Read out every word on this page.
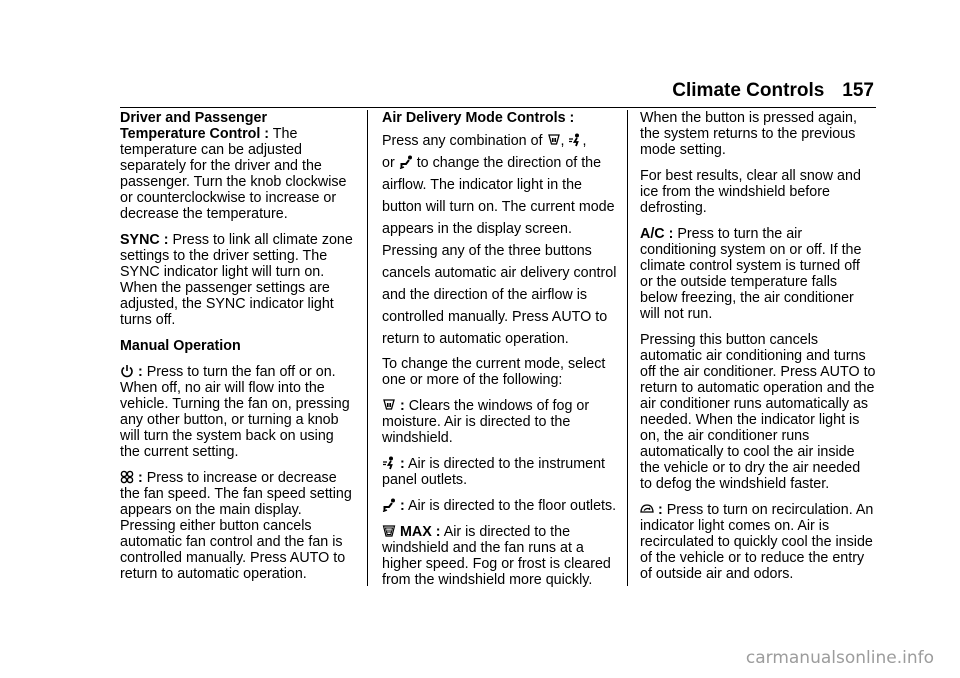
Climate Controls 157

Driver and Passenger
Temperature Control : The temperature can be adjusted separately for the driver and the passenger. Turn the knob clockwise or counterclockwise to increase or decrease the temperature.

SYNC : Press to link all climate zone settings to the driver setting. The SYNC indicator light will turn on. When the passenger settings are adjusted, the SYNC indicator light turns off.

Manual Operation

: Press to turn the fan off or on. When off, no air will flow into the vehicle. Turning the fan on, pressing any other button, or turning a knob will turn the system back on using the current setting.

: Press to increase or decrease the fan speed. The fan speed setting appears on the main display. Pressing either button cancels automatic fan control and the fan is controlled manually. Press AUTO to return to automatic operation.

Air Delivery Mode Controls :

Press any combination of , ,
or to change the direction of the airflow. The indicator light in the button will turn on. The current mode appears in the display screen. Pressing any of the three buttons cancels automatic air delivery control and the direction of the airflow is controlled manually. Press AUTO to return to automatic operation.

To change the current mode, select one or more of the following:

: Clears the windows of fog or moisture. Air is directed to the windshield.

: Air is directed to the instrument panel outlets.

: Air is directed to the floor outlets.

MAX : Air is directed to the windshield and the fan runs at a higher speed. Fog or frost is cleared from the windshield more quickly.

When the button is pressed again, the system returns to the previous mode setting.

For best results, clear all snow and ice from the windshield before defrosting.

A/C : Press to turn the air conditioning system on or off. If the climate control system is turned off or the outside temperature falls below freezing, the air conditioner will not run.

Pressing this button cancels automatic air conditioning and turns off the air conditioner. Press AUTO to return to automatic operation and the air conditioner runs automatically as needed. When the indicator light is on, the air conditioner runs automatically to cool the air inside the vehicle or to dry the air needed to defog the windshield faster.

: Press to turn on recirculation. An indicator light comes on. Air is recirculated to quickly cool the inside of the vehicle or to reduce the entry of outside air and odors.

carmanualsonline.info
